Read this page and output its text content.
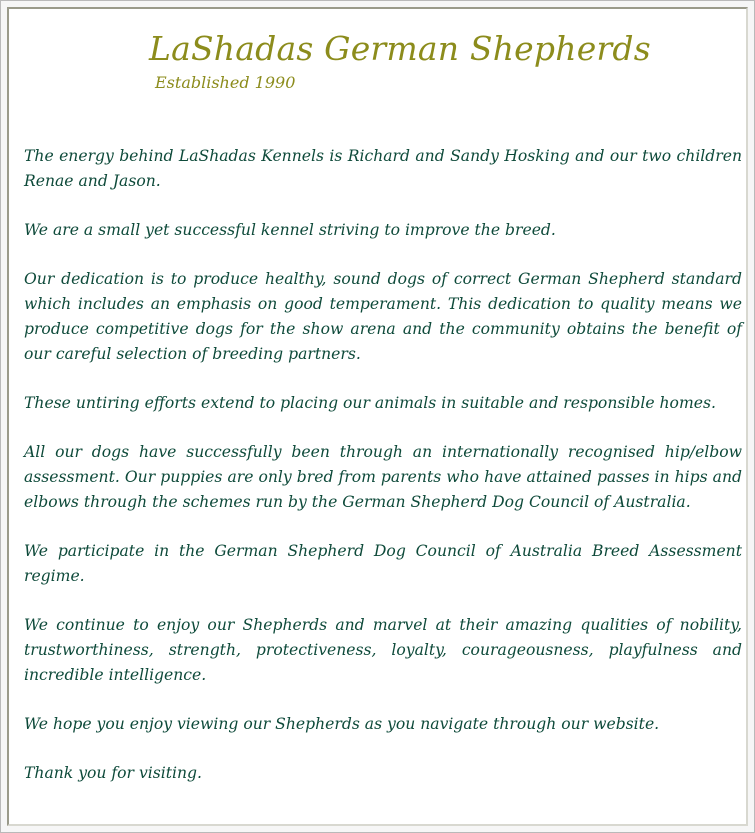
LaShadas German Shepherds
Established 1990

The energy behind LaShadas Kennels is Richard and Sandy Hosking and our two children Renae and Jason.

We are a small yet successful kennel striving to improve the breed.

Our dedication is to produce healthy, sound dogs of correct German Shepherd standard which includes an emphasis on good temperament. This dedication to quality means we produce competitive dogs for the show arena and the community obtains the benefit of our careful selection of breeding partners.

These untiring efforts extend to placing our animals in suitable and responsible homes.

All our dogs have successfully been through an internationally recognised hip/elbow assessment. Our puppies are only bred from parents who have attained passes in hips and elbows through the schemes run by the German Shepherd Dog Council of Australia.

We participate in the German Shepherd Dog Council of Australia Breed Assessment regime.

We continue to enjoy our Shepherds and marvel at their amazing qualities of nobility, trustworthiness, strength, protectiveness, loyalty, courageousness, playfulness and incredible intelligence.

We hope you enjoy viewing our Shepherds as you navigate through our website.

Thank you for visiting.
